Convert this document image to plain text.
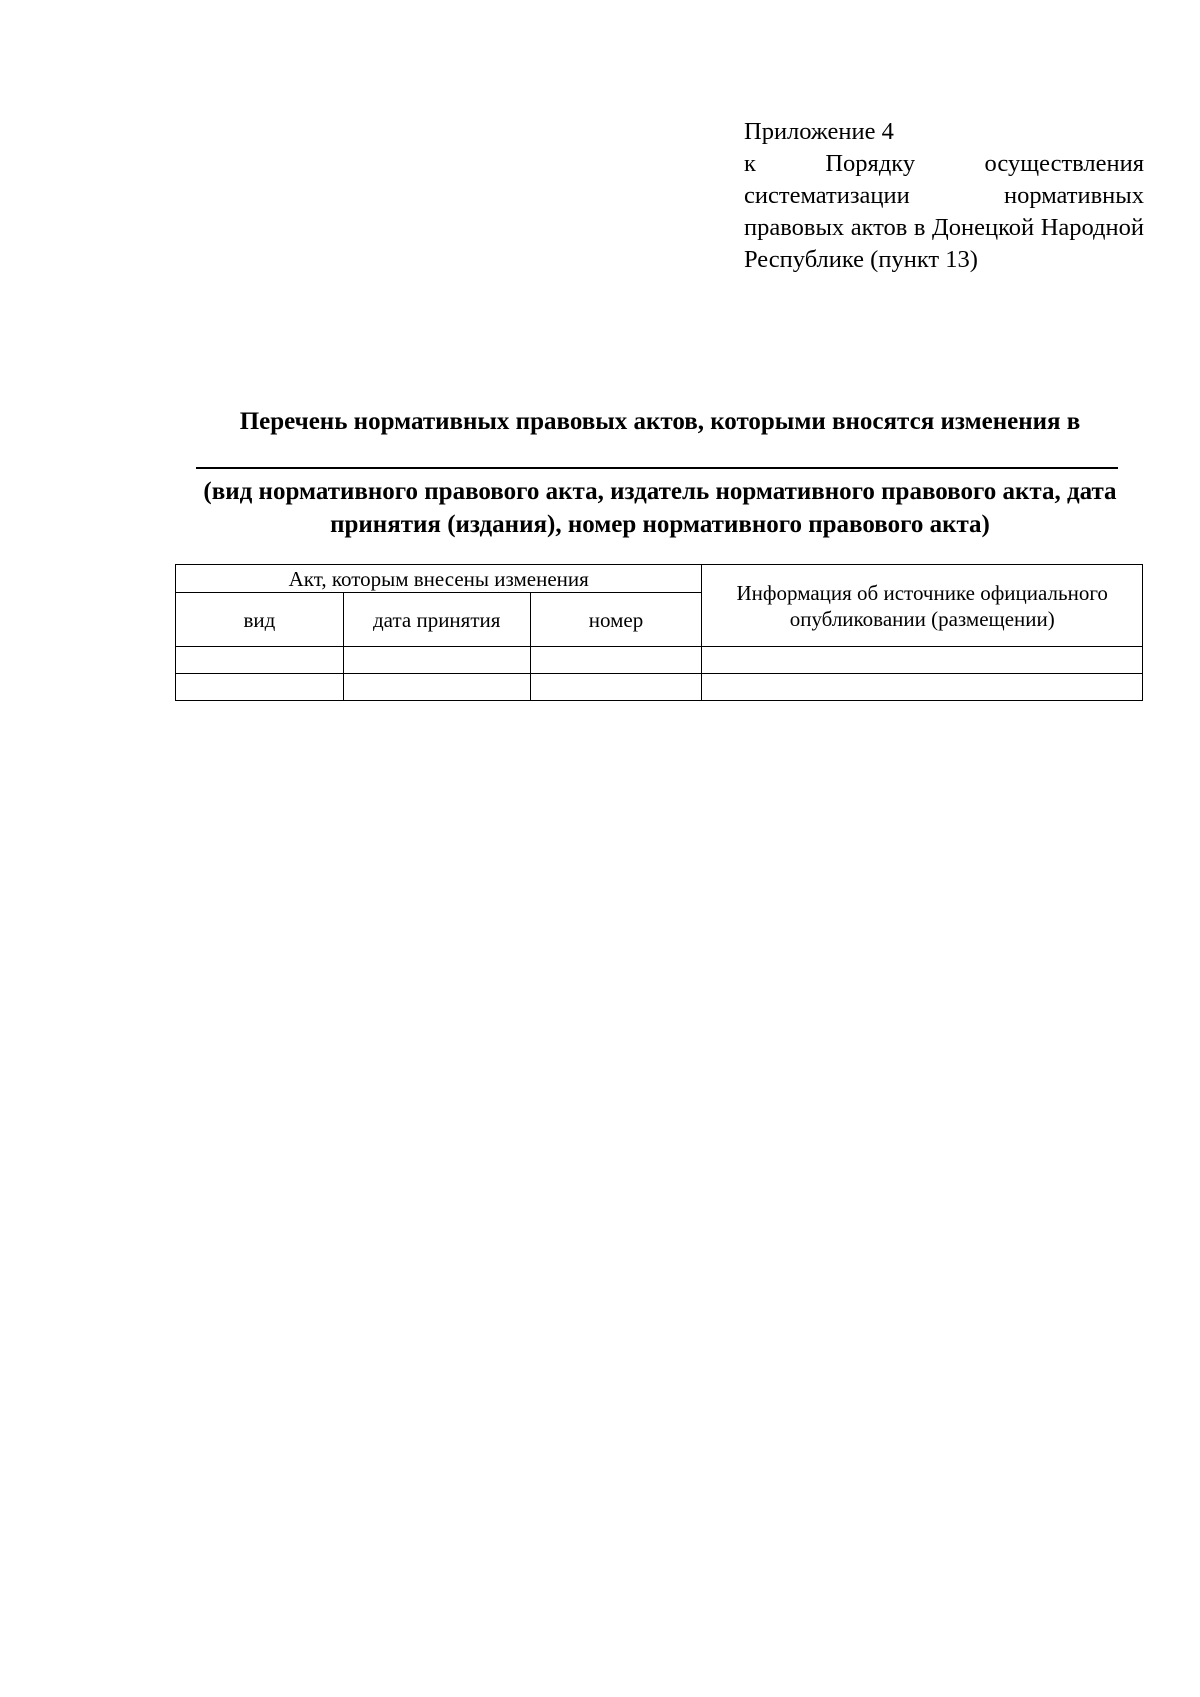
Приложение 4
к Порядку осуществления систематизации нормативных правовых актов в Донецкой Народной Республике (пункт 13)
Перечень нормативных правовых актов, которыми вносятся изменения в
(вид нормативного правового акта, издатель нормативного правового акта, дата принятия (издания), номер нормативного правового акта)
Акт, которым внесены изменения			Информация об источнике официального опубликовании (размещении)
вид	дата принятия	номер	
